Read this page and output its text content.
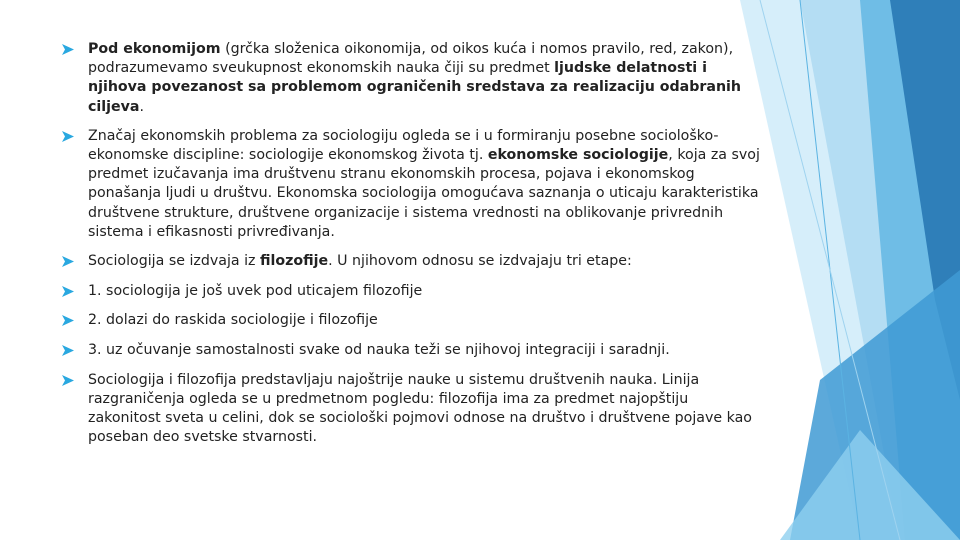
Pod ekonomijom (grčka složenica oikonomija, od oikos kuća i nomos pravilo, red, zakon), podrazumevamo sveukupnost ekonomskih nauka čiji su predmet ljudske delatnosti i njihova povezanost sa problemom ograničenih sredstava za realizaciju odabranih ciljeva.
Značaj ekonomskih problema za sociologiju ogleda se i u formiranju posebne sociološko-ekonomske discipline: sociologije ekonomskog života tj. ekonomske sociologije, koja za svoj predmet izučavanja ima društvenu stranu ekonomskih procesa, pojava i ekonomskog ponašanja ljudi u društvu. Ekonomska sociologija omogućava saznanja o uticaju karakteristika društvene strukture, društvene organizacije i sistema vrednosti na oblikovanje privrednih sistema i efikasnosti privređivanja.
Sociologija se izdvaja iz filozofije. U njihovom odnosu se izdvajaju tri etape:
1. sociologija je još uvek pod uticajem filozofije
2. dolazi do raskida sociologije i filozofije
3. uz očuvanje samostalnosti svake od nauka teži se njihovoj integraciji i saradnji.
Sociologija i filozofija predstavljaju najoštrije nauke u sistemu društvenih nauka. Linija razgraničenja ogleda se u predmetnom pogledu: filozofija ima za predmet najopštiju zakonitost sveta u celini, dok se sociološki pojmovi odnose na društvo i društvene pojave kao poseban deo svetske stvarnosti.
